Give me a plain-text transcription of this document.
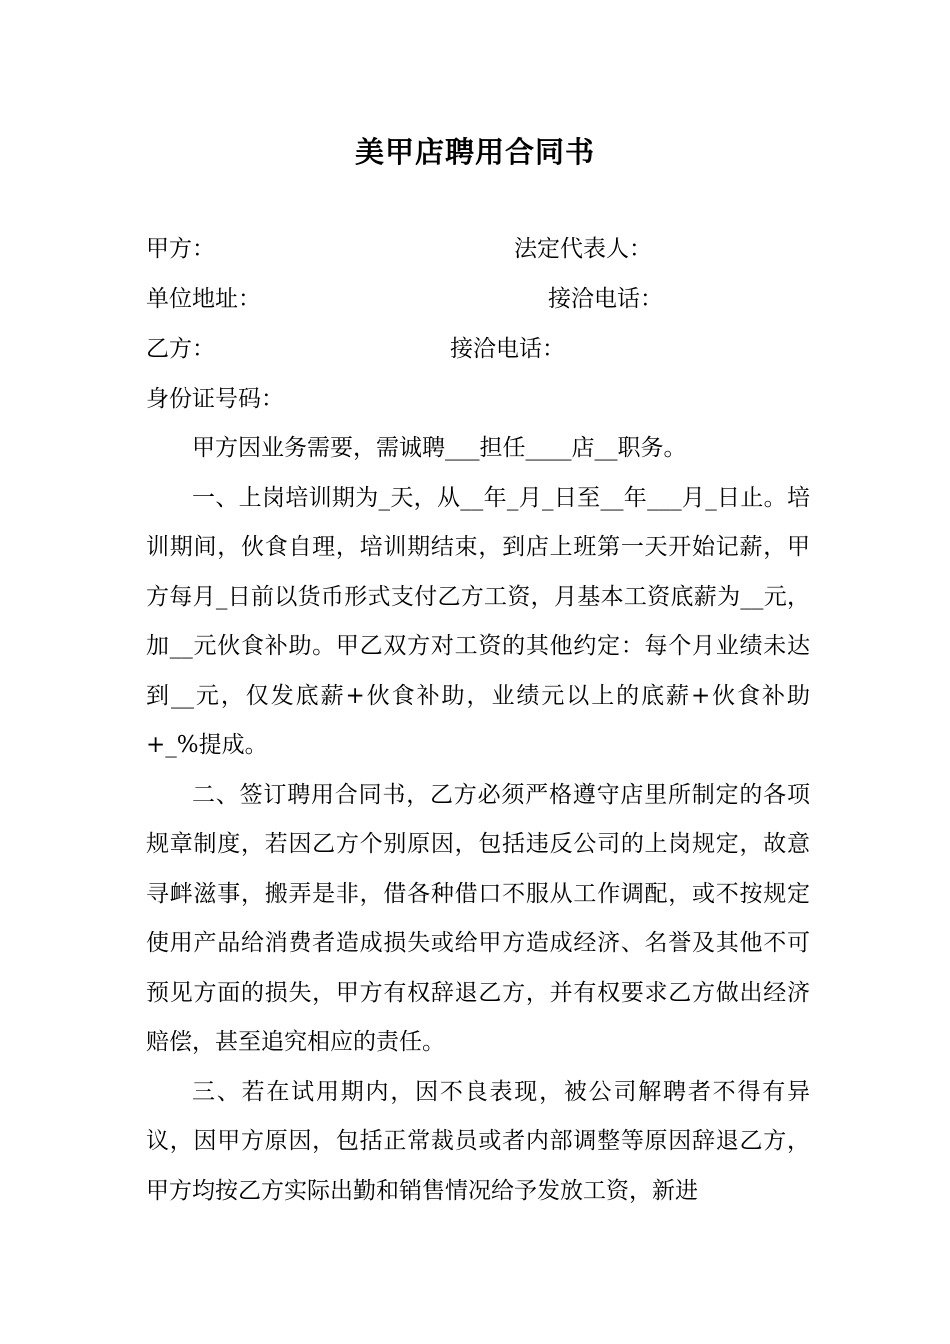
美甲店聘用合同书
甲方：	法定代表人：
单位地址：	接洽电话：
乙方：	接洽电话：
身份证号码：

甲方因业务需要，需诚聘___担任____店__职务。

一、上岗培训期为_天，从__年_月_日至__年___月_日止。培训期间，伙食自理，培训期结束，到店上班第一天开始记薪，甲方每月_日前以货币形式支付乙方工资，月基本工资底薪为__元，加__元伙食补助。甲乙双方对工资的其他约定：每个月业绩未达到__元，仅发底薪+伙食补助，业绩元以上的底薪+伙食补助+_%提成。

二、签订聘用合同书，乙方必须严格遵守店里所制定的各项规章制度，若因乙方个别原因，包括违反公司的上岗规定，故意寻衅滋事，搬弄是非，借各种借口不服从工作调配，或不按规定使用产品给消费者造成损失或给甲方造成经济、名誉及其他不可预见方面的损失，甲方有权辞退乙方，并有权要求乙方做出经济赔偿，甚至追究相应的责任。

三、若在试用期内，因不良表现，被公司解聘者不得有异议，因甲方原因，包括正常裁员或者内部调整等原因辞退乙方，甲方均按乙方实际出勤和销售情况给予发放工资，新进
